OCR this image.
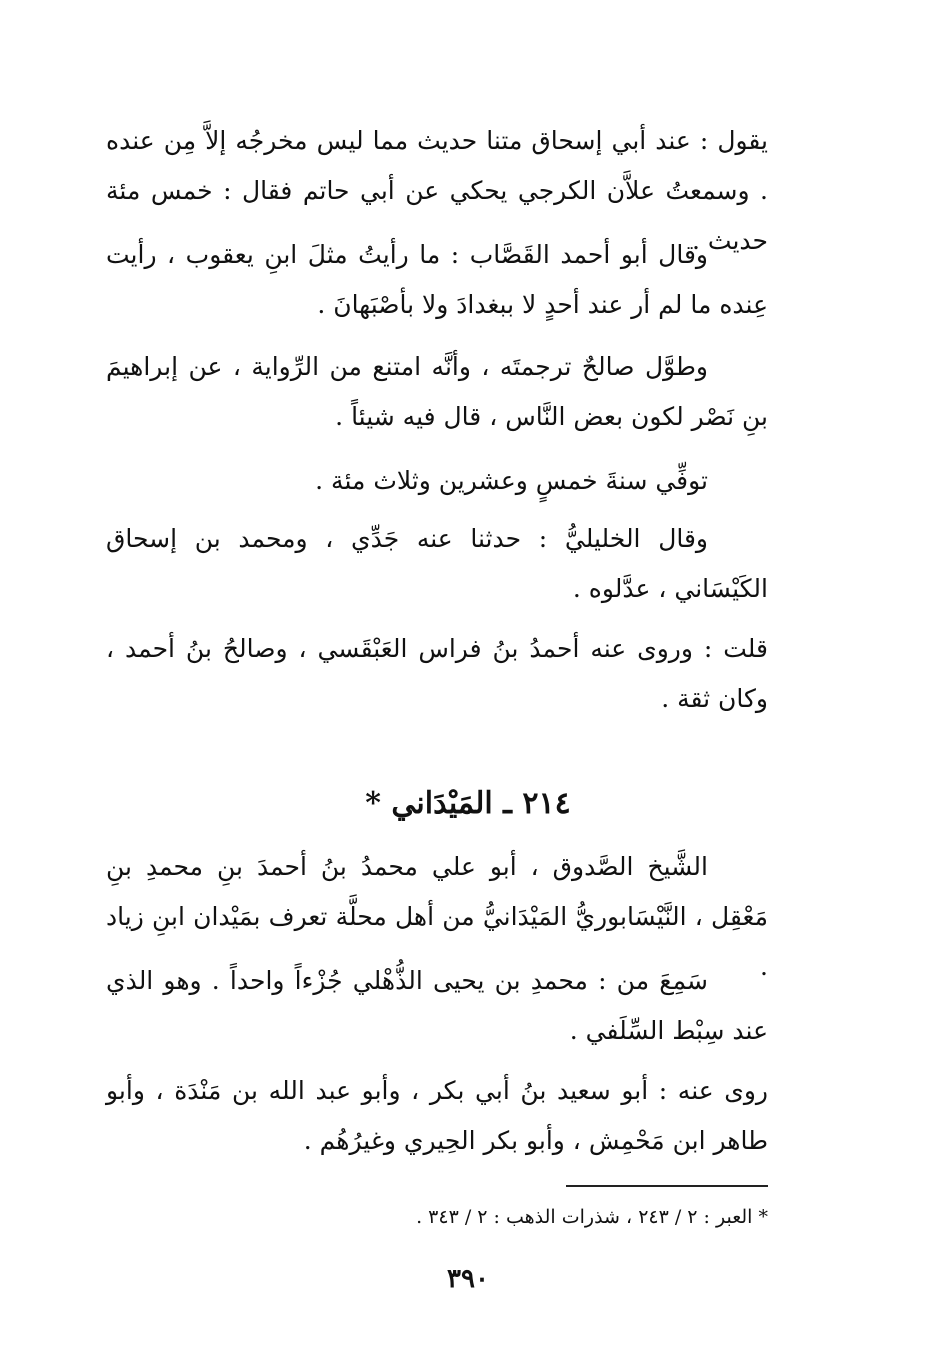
يقول : عند أبي إسحاق متنا حديث مما ليس مخرجُه إلاَّ مِن عنده . وسمعتُ علاَّن الكرجي يحكي عن أبي حاتم فقال : خمس مئة حديث .

وقال أبو أحمد القَصَّاب : ما رأيتُ مثلَ ابنِ يعقوب ، رأيت عِنده ما لم أر عند أحدٍ لا ببغدادَ ولا بأصْبَهانَ .

وطوَّل صالحٌ ترجمتَه ، وأنَّه امتنع من الرِّواية ، عن إبراهيمَ بنِ نَصْر لكون بعض النَّاس ، قال فيه شيئاً .

توفِّي سنةَ خمسٍ وعشرين وثلاث مئة .

وقال الخليليُّ : حدثنا عنه جَدِّي ، ومحمد بن إسحاق الكَيْسَاني ، عدَّلوه .

قلت : وروى عنه أحمدُ بنُ فراس العَبْقَسي ، وصالحُ بنُ أحمد ، وكان ثقة .

٢١٤ ـ المَيْدَاني *

الشَّيخ الصَّدوق ، أبو علي محمدُ بنُ أحمدَ بنِ محمدِ بنِ مَعْقِل ، النَّيْسَابوريُّ المَيْدَانيُّ من أهل محلَّة تعرف بمَيْدان ابنِ زياد .

سَمِعَ من : محمدِ بن يحيى الذُّهْلي جُزْءاً واحداً . وهو الذي عند سِبْط السِّلَفي .

روى عنه : أبو سعيد بنُ أبي بكر ، وأبو عبد الله بن مَنْدَة ، وأبو طاهر ابن مَحْمِش ، وأبو بكر الحِيري وغيرُهُم .

* العبر : ٢ / ٢٤٣ ، شذرات الذهب : ٢ / ٣٤٣ .
٣٩٠
